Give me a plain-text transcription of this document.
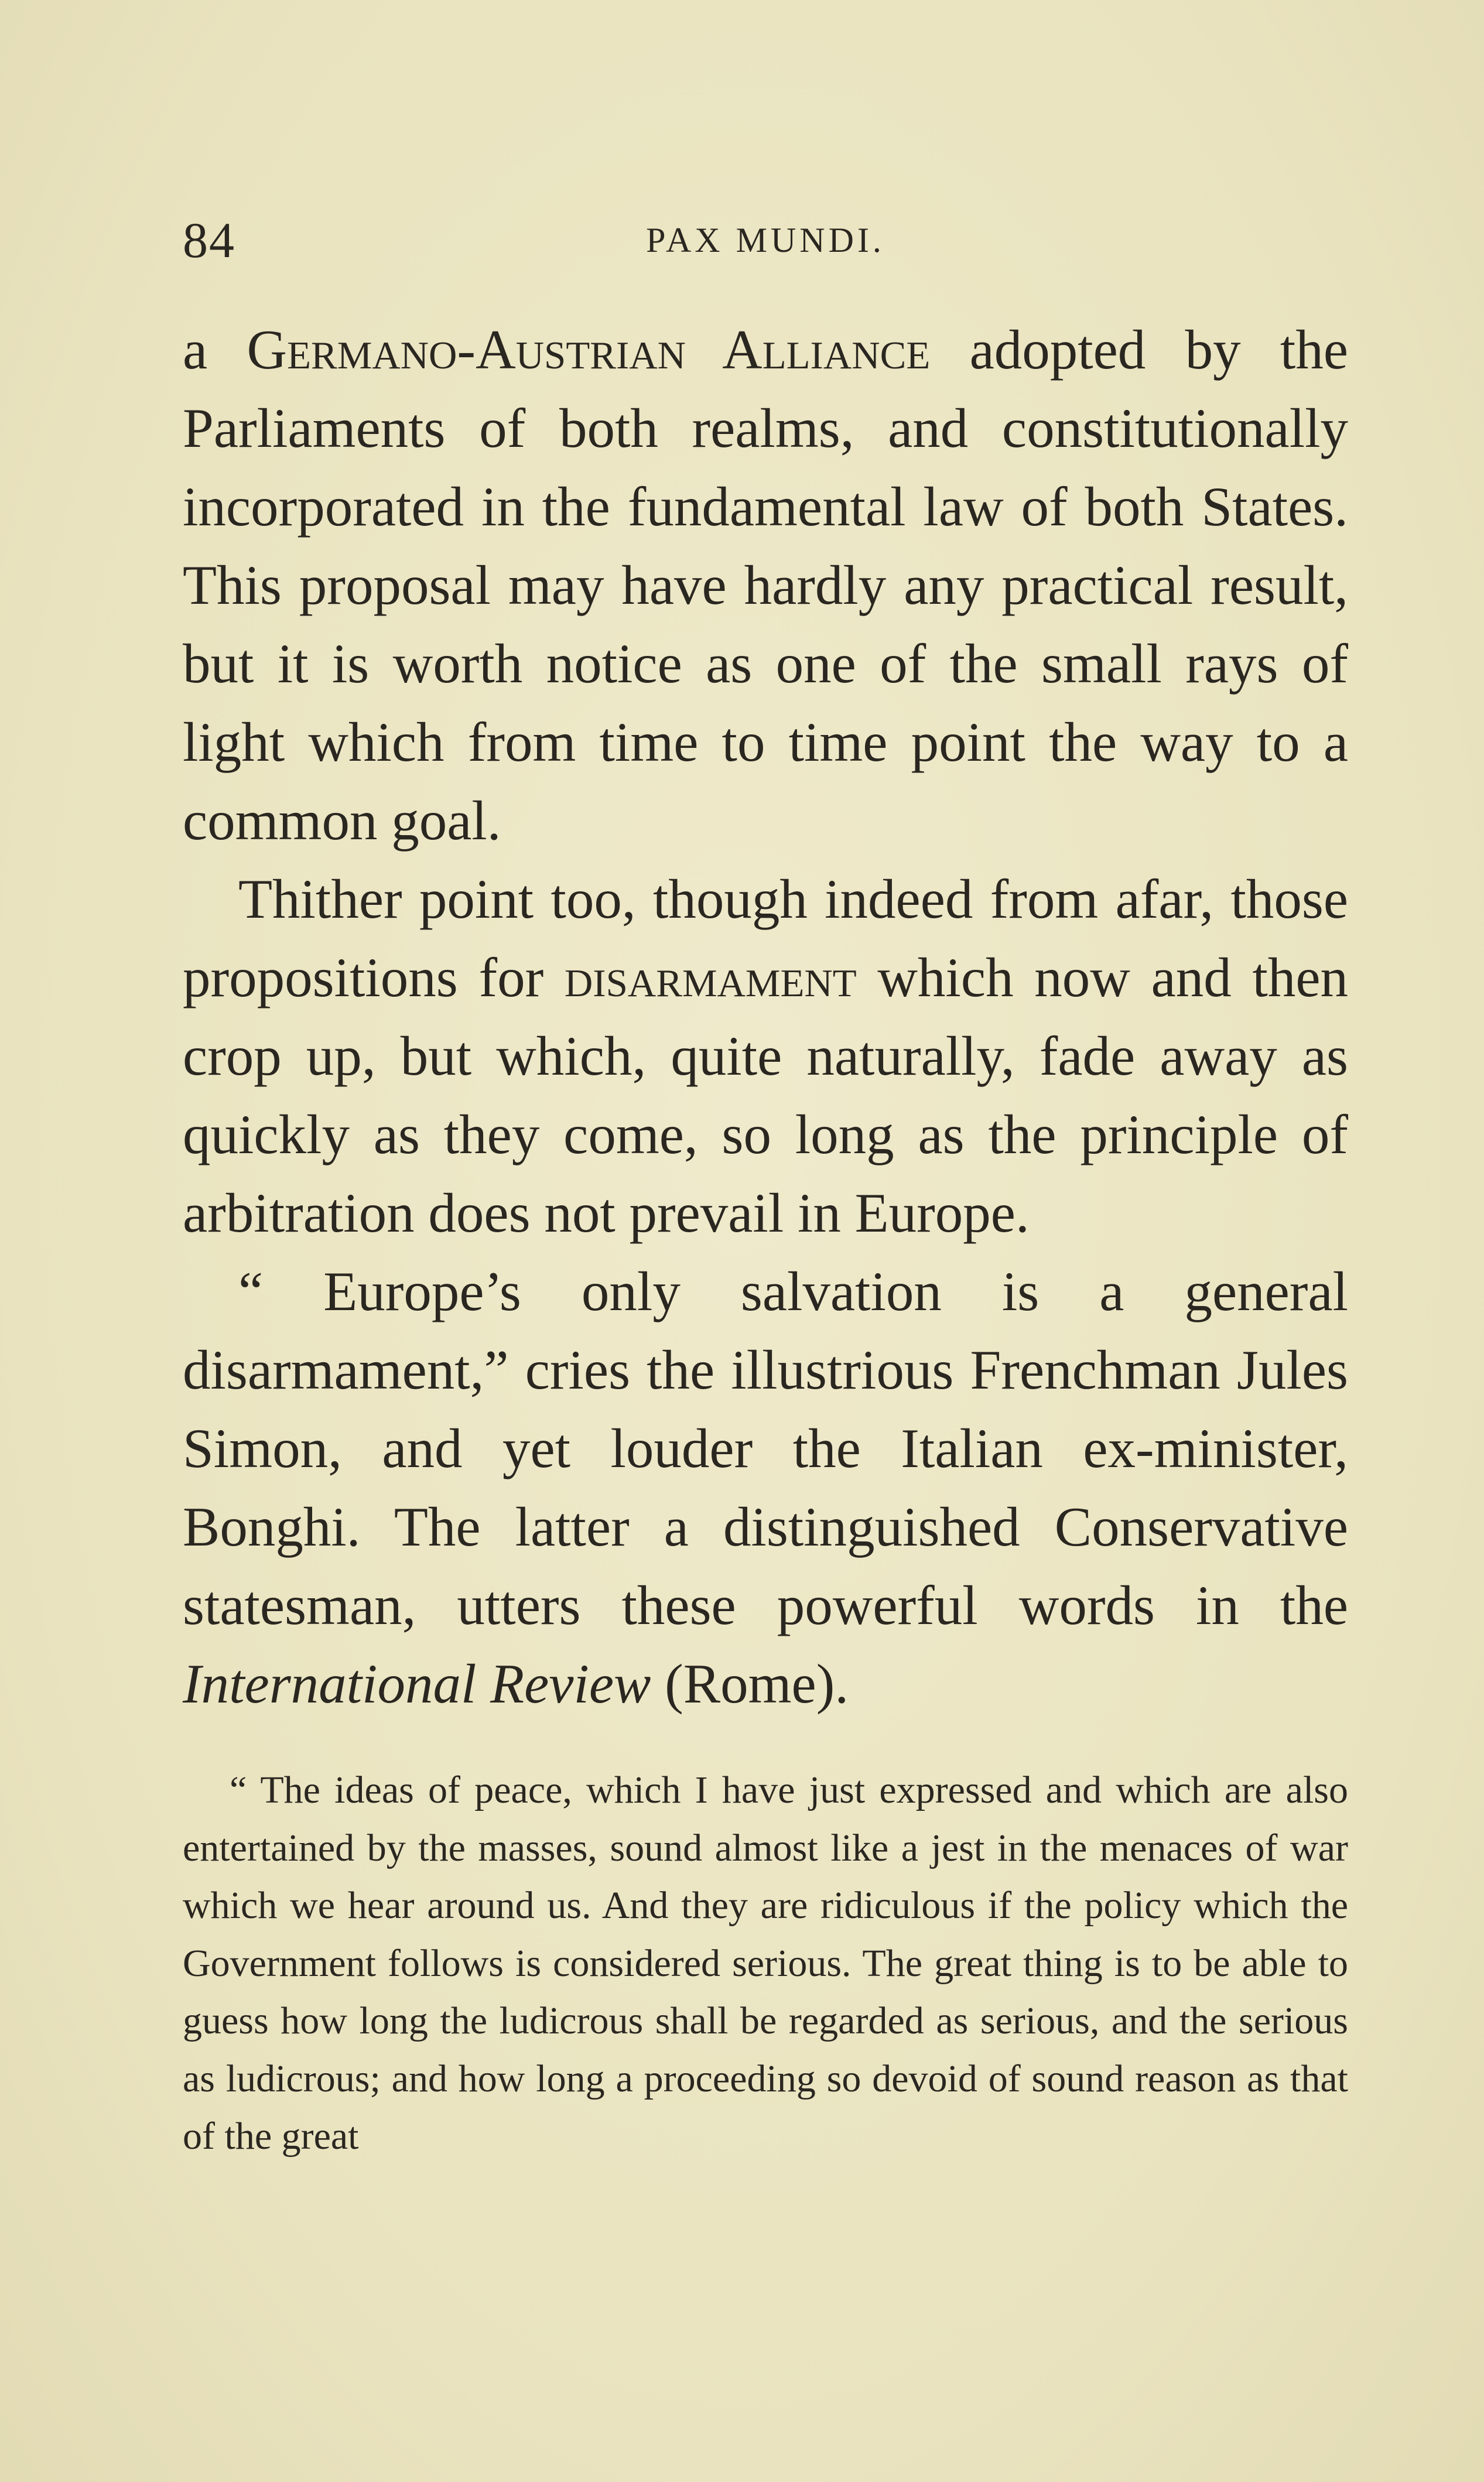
84	PAX MUNDI.

a Germano-Austrian Alliance adopted by the Parliaments of both realms, and constitutionally incorporated in the fundamental law of both States. This proposal may have hardly any practical result, but it is worth notice as one of the small rays of light which from time to time point the way to a common goal.

Thither point too, though indeed from afar, those propositions for disarmament which now and then crop up, but which, quite naturally, fade away as quickly as they come, so long as the principle of arbitration does not prevail in Europe.

“ Europe’s only salvation is a general disarmament,” cries the illustrious Frenchman Jules Simon, and yet louder the Italian ex-minister, Bonghi. The latter a distinguished Conservative statesman, utters these powerful words in the International Review (Rome).

“ The ideas of peace, which I have just expressed and which are also entertained by the masses, sound almost like a jest in the menaces of war which we hear around us. And they are ridiculous if the policy which the Government follows is considered serious. The great thing is to be able to guess how long the ludicrous shall be regarded as serious, and the serious as ludicrous; and how long a proceeding so devoid of sound reason as that of the great
